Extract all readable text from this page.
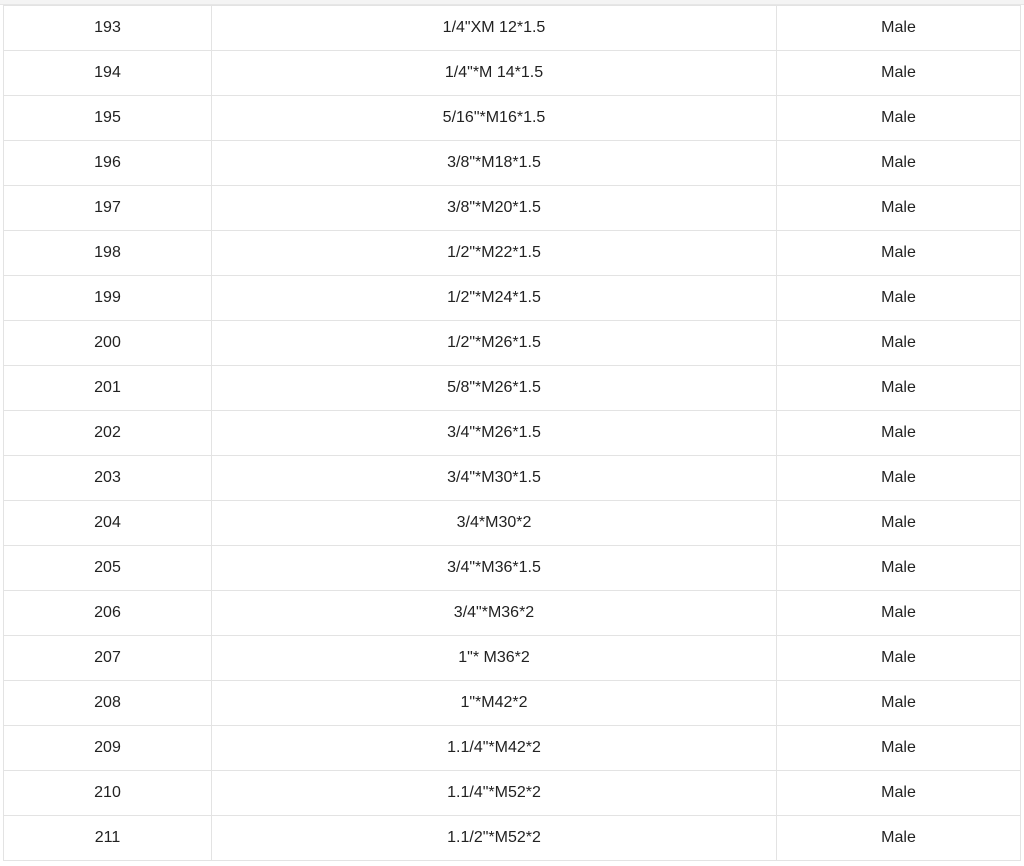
193	1/4"XM 12*1.5	Male
194	1/4"*M 14*1.5	Male
195	5/16"*M16*1.5	Male
196	3/8"*M18*1.5	Male
197	3/8"*M20*1.5	Male
198	1/2"*M22*1.5	Male
199	1/2"*M24*1.5	Male
200	1/2"*M26*1.5	Male
201	5/8"*M26*1.5	Male
202	3/4"*M26*1.5	Male
203	3/4"*M30*1.5	Male
204	3/4*M30*2	Male
205	3/4"*M36*1.5	Male
206	3/4"*M36*2	Male
207	1"* M36*2	Male
208	1"*M42*2	Male
209	1.1/4"*M42*2	Male
210	1.1/4"*M52*2	Male
211	1.1/2"*M52*2	Male
